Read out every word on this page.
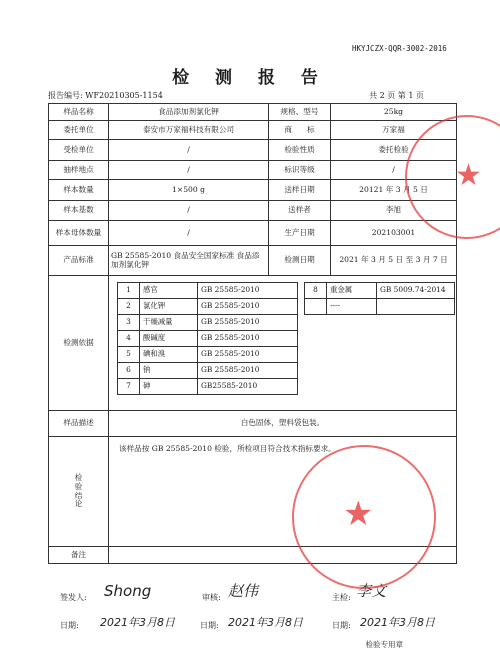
HKYJCZX-QQR-3002-2016
检 测 报 告
报告编号: WF20210305-1154	共 2 页 第 1 页
样品名称	食品添加剂氯化钾	规格、型号	25kg
委托单位	泰安市万家福科技有限公司	商　　标	万家福
受检单位	/	检验性质	委托检验
抽样地点	/	标识等级	/
样本数量	1×500 g	送样日期	20121 年 3 月 5 日
样本基数	/	送样者	李旭
样本母体数量	/	生产日期	202103001
产品标准	GB 25585-2010 食品安全国家标准 食品添加剂氯化钾	检测日期	2021 年 3 月 5 日 至 3 月 7 日
检测依据	
1	感官	GB 25585-2010
2	氯化钾	GB 25585-2010
3	干燥减量	GB 25585-2010
4	酸碱度	GB 25585-2010
5	碘和溴	GB 25585-2010
6	钠	GB 25585-2010
7	砷	GB25585-2010
8	重金属	GB 5009.74-2014
	----	

样品描述	白色固体，塑料袋包装。
检验结论	
该样品按 GB 25585-2010 检验，所检项目符合技术指标要求。
检验专用章

备注	
签发人: Shong	审核: 赵伟	主检: 李文
日期: 2021年3月8日	日期: 2021年3月8日	日期: 2021年3月8日
★
★
